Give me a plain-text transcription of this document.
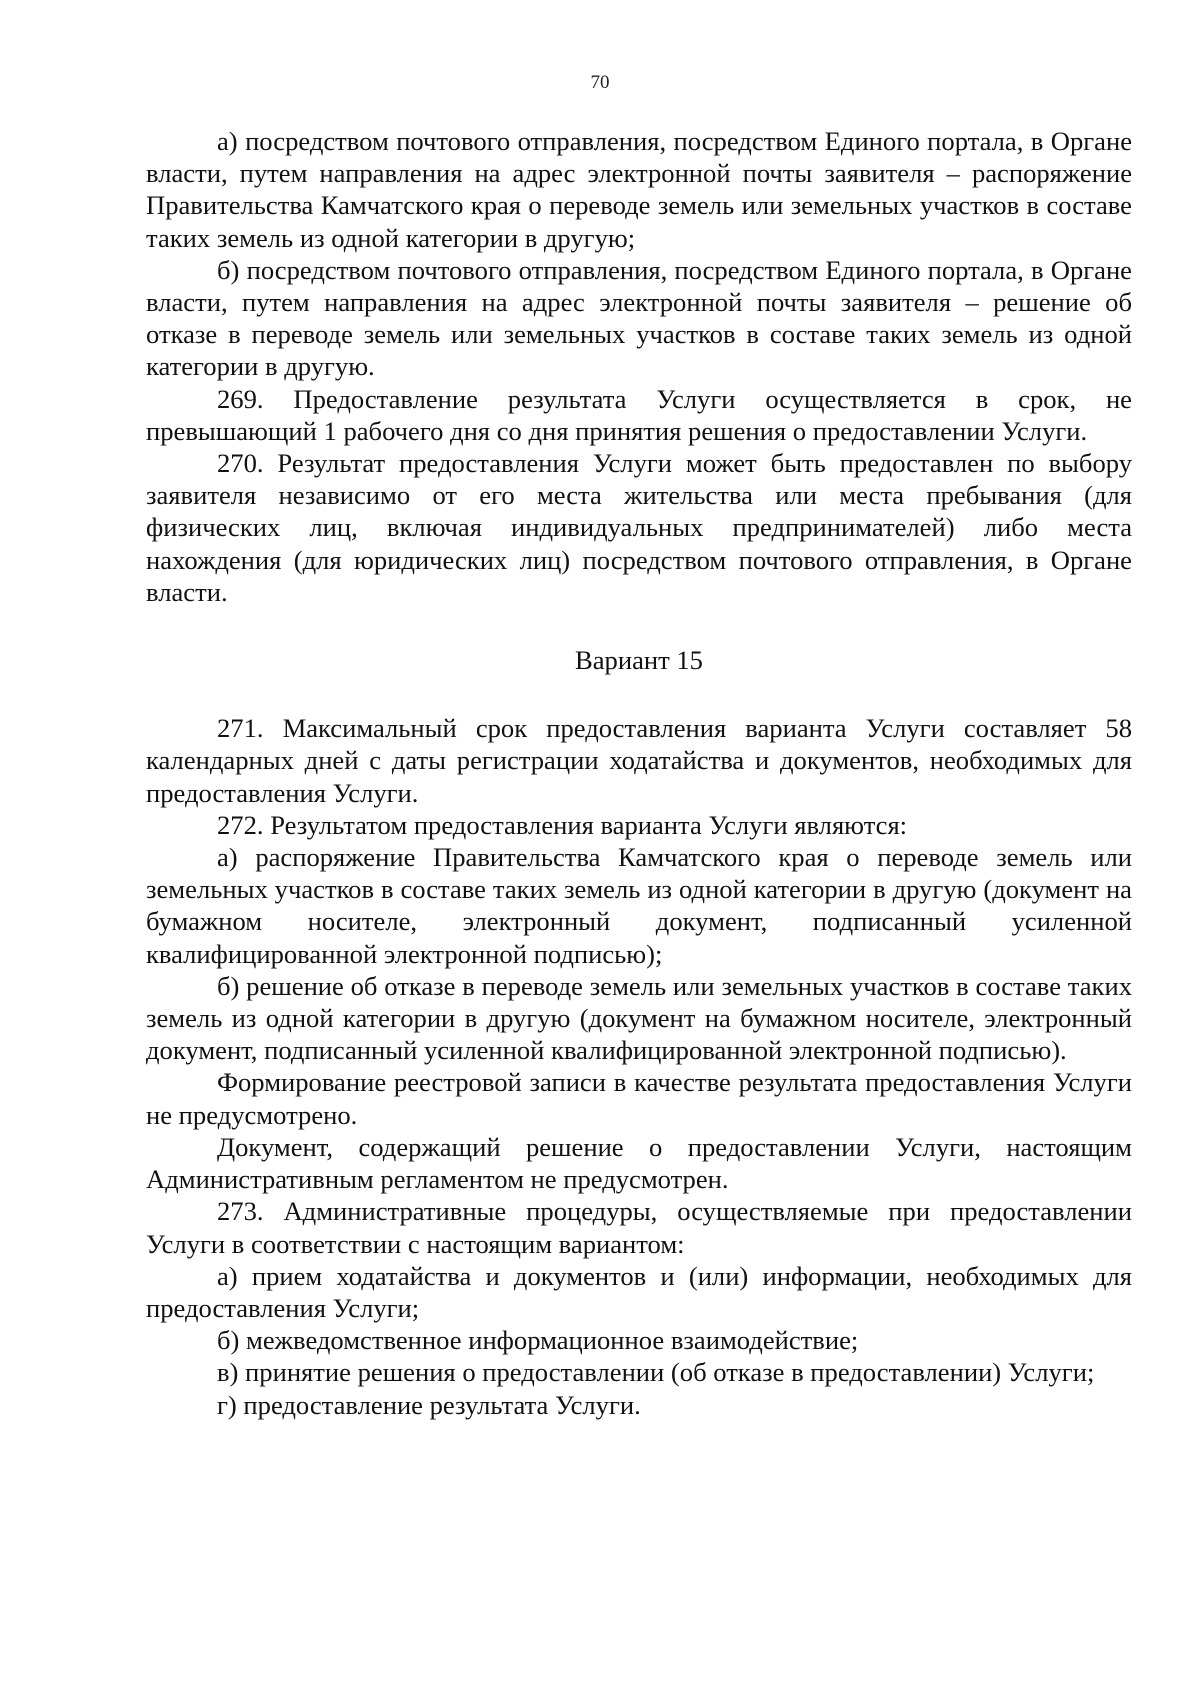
70

а) посредством почтового отправления, посредством Единого портала, в Органе власти, путем направления на адрес электронной почты заявителя – распоряжение Правительства Камчатского края о переводе земель или земельных участков в составе таких земель из одной категории в другую;

б) посредством почтового отправления, посредством Единого портала, в Органе власти, путем направления на адрес электронной почты заявителя – решение об отказе в переводе земель или земельных участков в составе таких земель из одной категории в другую.

269. Предоставление результата Услуги осуществляется в срок, не превышающий 1 рабочего дня со дня принятия решения о предоставлении Услуги.

270. Результат предоставления Услуги может быть предоставлен по выбору заявителя независимо от его места жительства или места пребывания (для физических лиц, включая индивидуальных предпринимателей) либо места нахождения (для юридических лиц) посредством почтового отправления, в Органе власти.

Вариант 15

271. Максимальный срок предоставления варианта Услуги составляет 58 календарных дней с даты регистрации ходатайства и документов, необходимых для предоставления Услуги.

272. Результатом предоставления варианта Услуги являются:

а) распоряжение Правительства Камчатского края о переводе земель или земельных участков в составе таких земель из одной категории в другую (документ на бумажном носителе, электронный документ, подписанный усиленной квалифицированной электронной подписью);

б) решение об отказе в переводе земель или земельных участков в составе таких земель из одной категории в другую (документ на бумажном носителе, электронный документ, подписанный усиленной квалифицированной электронной подписью).

Формирование реестровой записи в качестве результата предоставления Услуги не предусмотрено.

Документ, содержащий решение о предоставлении Услуги, настоящим Административным регламентом не предусмотрен.

273. Административные процедуры, осуществляемые при предоставлении Услуги в соответствии с настоящим вариантом:

а) прием ходатайства и документов и (или) информации, необходимых для предоставления Услуги;

б) межведомственное информационное взаимодействие;

в) принятие решения о предоставлении (об отказе в предоставлении) Услуги;

г) предоставление результата Услуги.
